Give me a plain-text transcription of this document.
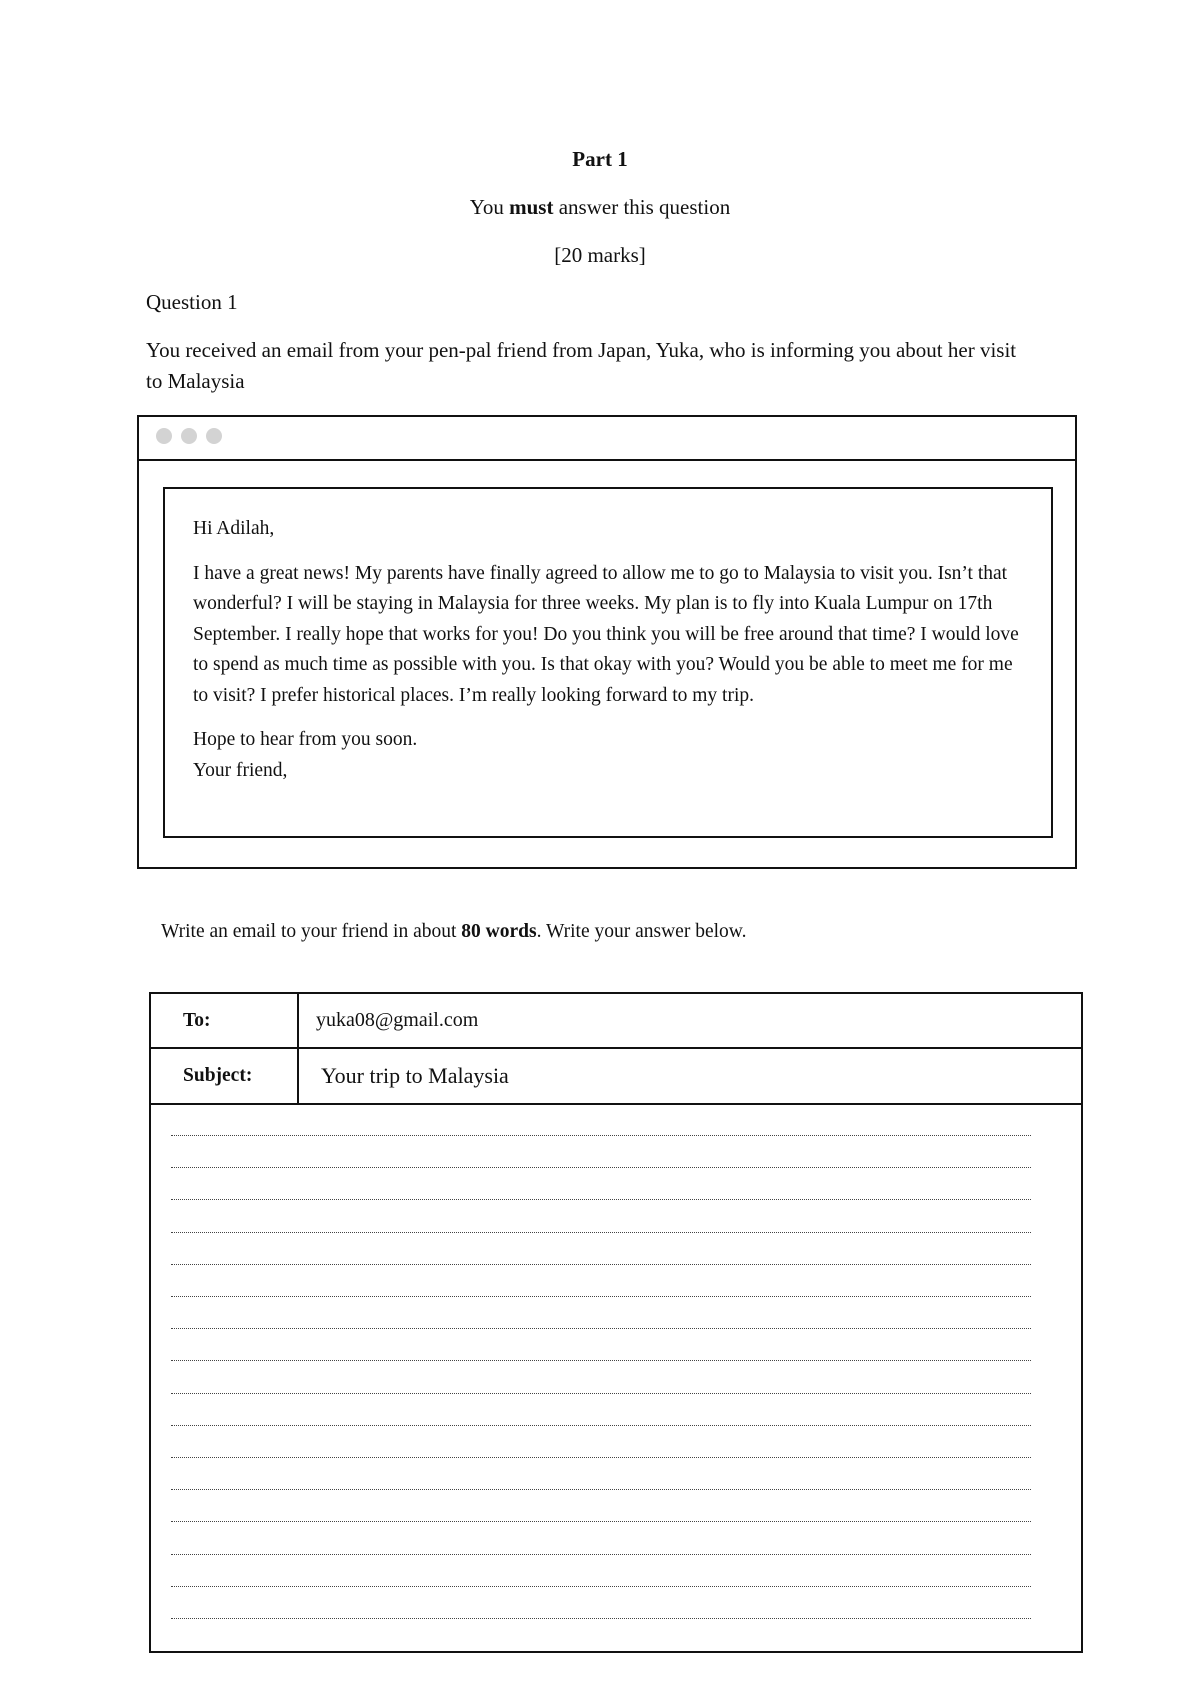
Part 1
You must answer this question
[20 marks]
Question 1
You received an email from your pen-pal friend from Japan, Yuka, who is informing you about her visit to Malaysia

Hi Adilah,

I have a great news! My parents have finally agreed to allow me to go to Malaysia to visit you. Isn’t that wonderful? I will be staying in Malaysia for three weeks. My plan is to fly into Kuala Lumpur on 17th September. I really hope that works for you! Do you think you will be free around that time? I would love to spend as much time as possible with you. Is that okay with you? Would you be able to meet me for me to visit? I prefer historical places. I’m really looking forward to my trip.

Hope to hear from you soon.

Your friend,

Write an email to your friend in about 80 words. Write your answer below.
To:	yuka08@gmail.com
Subject:	Your trip to Malaysia
